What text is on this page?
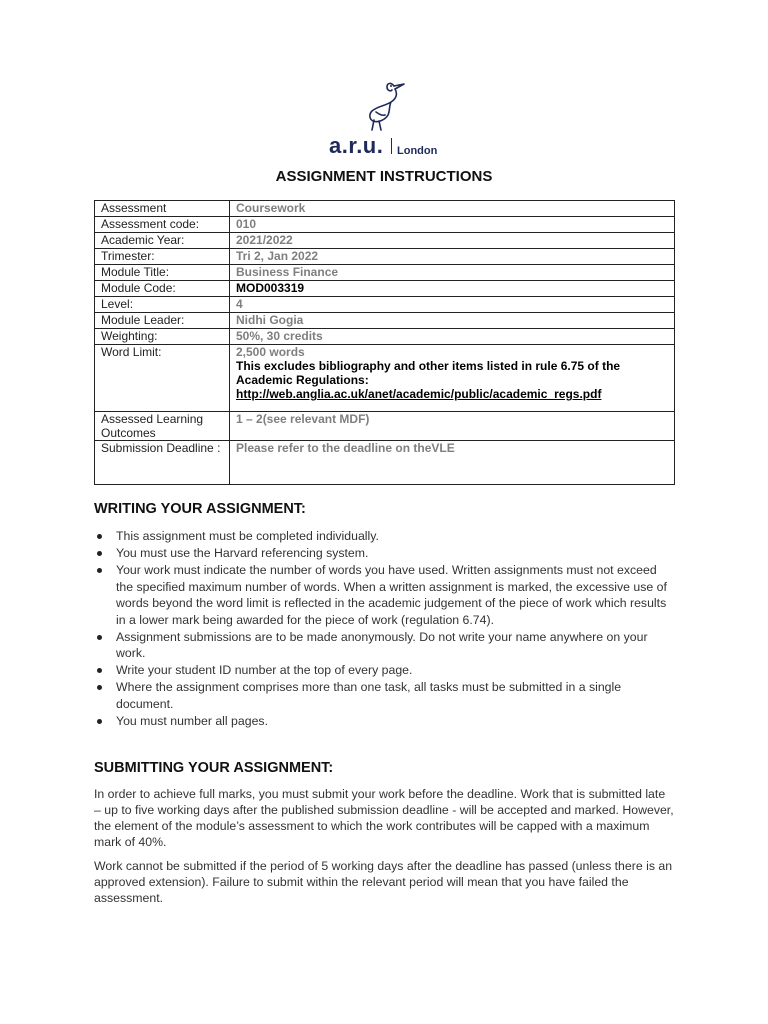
a.r.u. London
ASSIGNMENT INSTRUCTIONS
Assessment	Coursework
Assessment code:	010
Academic Year:	2021/2022
Trimester:	Tri 2, Jan 2022
Module Title:	Business Finance
Module Code:	MOD003319
Level:	4
Module Leader:	Nidhi Gogia
Weighting:	50%, 30 credits
Word Limit:	2,500 words
This excludes bibliography and other items listed in rule 6.75 of the Academic Regulations:
http://web.anglia.ac.uk/anet/academic/public/academic_regs.pdf

Assessed Learning Outcomes	1 – 2(see relevant MDF)
Submission Deadline :	Please refer to the deadline on theVLE
WRITING YOUR ASSIGNMENT:
This assignment must be completed individually.
You must use the Harvard referencing system.
Your work must indicate the number of words you have used. Written assignments must not exceed the specified maximum number of words. When a written assignment is marked, the excessive use of words beyond the word limit is reflected in the academic judgement of the piece of work which results in a lower mark being awarded for the piece of work (regulation 6.74).
Assignment submissions are to be made anonymously. Do not write your name anywhere on your work.
Write your student ID number at the top of every page.
Where the assignment comprises more than one task, all tasks must be submitted in a single document.
You must number all pages.
SUBMITTING YOUR ASSIGNMENT:

In order to achieve full marks, you must submit your work before the deadline. Work that is submitted late – up to five working days after the published submission deadline - will be accepted and marked. However, the element of the module’s assessment to which the work contributes will be capped with a maximum mark of 40%.

Work cannot be submitted if the period of 5 working days after the deadline has passed (unless there is an approved extension). Failure to submit within the relevant period will mean that you have failed the assessment.
